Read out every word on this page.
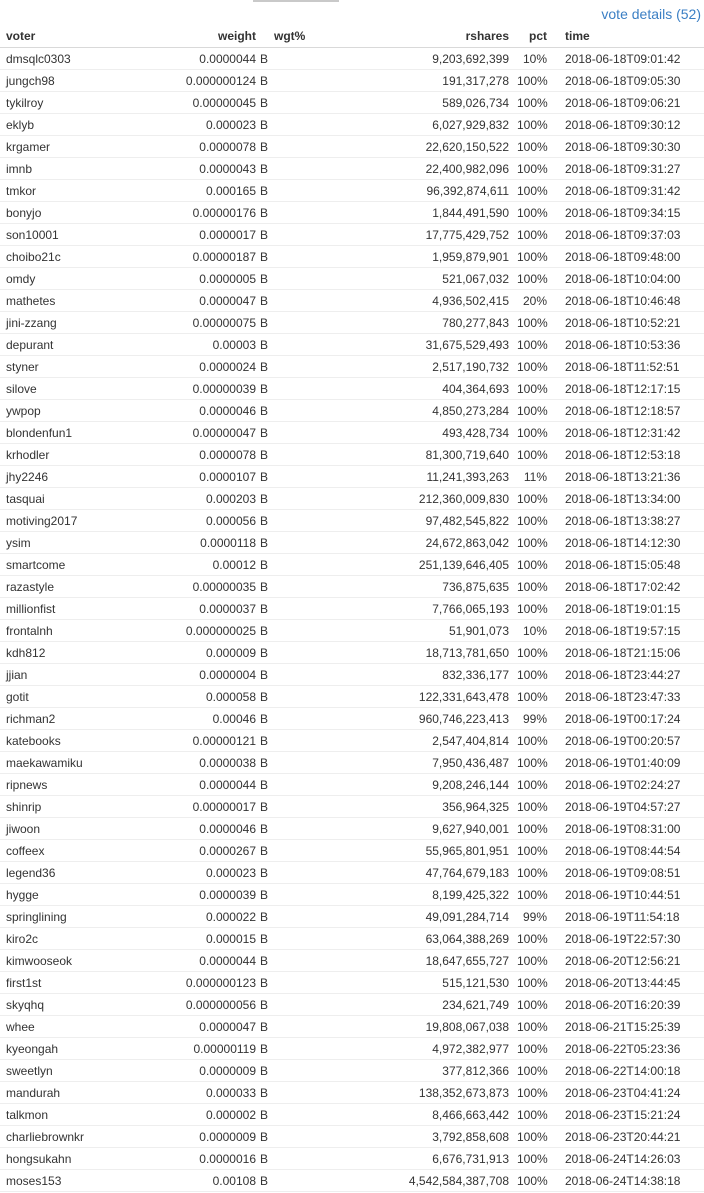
vote details (52)
voter	weight		wgt%	rshares	pct	time
dmsqlc0303	0.0000044	B		9,203,692,399	10%	2018-06-18T09:01:42
jungch98	0.000000124	B		191,317,278	100%	2018-06-18T09:05:30
tykilroy	0.00000045	B		589,026,734	100%	2018-06-18T09:06:21
eklyb	0.000023	B		6,027,929,832	100%	2018-06-18T09:30:12
krgamer	0.0000078	B		22,620,150,522	100%	2018-06-18T09:30:30
imnb	0.0000043	B		22,400,982,096	100%	2018-06-18T09:31:27
tmkor	0.000165	B		96,392,874,611	100%	2018-06-18T09:31:42
bonyjo	0.00000176	B		1,844,491,590	100%	2018-06-18T09:34:15
son10001	0.0000017	B		17,775,429,752	100%	2018-06-18T09:37:03
choibo21c	0.00000187	B		1,959,879,901	100%	2018-06-18T09:48:00
omdy	0.0000005	B		521,067,032	100%	2018-06-18T10:04:00
mathetes	0.0000047	B		4,936,502,415	20%	2018-06-18T10:46:48
jini-zzang	0.00000075	B		780,277,843	100%	2018-06-18T10:52:21
depurant	0.00003	B		31,675,529,493	100%	2018-06-18T10:53:36
styner	0.0000024	B		2,517,190,732	100%	2018-06-18T11:52:51
silove	0.00000039	B		404,364,693	100%	2018-06-18T12:17:15
ywpop	0.0000046	B		4,850,273,284	100%	2018-06-18T12:18:57
blondenfun1	0.00000047	B		493,428,734	100%	2018-06-18T12:31:42
krhodler	0.0000078	B		81,300,719,640	100%	2018-06-18T12:53:18
jhy2246	0.0000107	B		11,241,393,263	11%	2018-06-18T13:21:36
tasquai	0.000203	B		212,360,009,830	100%	2018-06-18T13:34:00
motiving2017	0.000056	B		97,482,545,822	100%	2018-06-18T13:38:27
ysim	0.0000118	B		24,672,863,042	100%	2018-06-18T14:12:30
smartcome	0.00012	B		251,139,646,405	100%	2018-06-18T15:05:48
razastyle	0.00000035	B		736,875,635	100%	2018-06-18T17:02:42
millionfist	0.0000037	B		7,766,065,193	100%	2018-06-18T19:01:15
frontalnh	0.000000025	B		51,901,073	10%	2018-06-18T19:57:15
kdh812	0.000009	B		18,713,781,650	100%	2018-06-18T21:15:06
jjian	0.0000004	B		832,336,177	100%	2018-06-18T23:44:27
gotit	0.000058	B		122,331,643,478	100%	2018-06-18T23:47:33
richman2	0.00046	B		960,746,223,413	99%	2018-06-19T00:17:24
katebooks	0.00000121	B		2,547,404,814	100%	2018-06-19T00:20:57
maekawamiku	0.0000038	B		7,950,436,487	100%	2018-06-19T01:40:09
ripnews	0.0000044	B		9,208,246,144	100%	2018-06-19T02:24:27
shinrip	0.00000017	B		356,964,325	100%	2018-06-19T04:57:27
jiwoon	0.0000046	B		9,627,940,001	100%	2018-06-19T08:31:00
coffeex	0.0000267	B		55,965,801,951	100%	2018-06-19T08:44:54
legend36	0.000023	B		47,764,679,183	100%	2018-06-19T09:08:51
hygge	0.0000039	B		8,199,425,322	100%	2018-06-19T10:44:51
springlining	0.000022	B		49,091,284,714	99%	2018-06-19T11:54:18
kiro2c	0.000015	B		63,064,388,269	100%	2018-06-19T22:57:30
kimwooseok	0.0000044	B		18,647,655,727	100%	2018-06-20T12:56:21
first1st	0.000000123	B		515,121,530	100%	2018-06-20T13:44:45
skyqhq	0.000000056	B		234,621,749	100%	2018-06-20T16:20:39
whee	0.0000047	B		19,808,067,038	100%	2018-06-21T15:25:39
kyeongah	0.00000119	B		4,972,382,977	100%	2018-06-22T05:23:36
sweetlyn	0.0000009	B		377,812,366	100%	2018-06-22T14:00:18
mandurah	0.000033	B		138,352,673,873	100%	2018-06-23T04:41:24
talkmon	0.000002	B		8,466,663,442	100%	2018-06-23T15:21:24
charliebrownkr	0.0000009	B		3,792,858,608	100%	2018-06-23T20:44:21
hongsukahn	0.0000016	B		6,676,731,913	100%	2018-06-24T14:26:03
moses153	0.00108	B		4,542,584,387,708	100%	2018-06-24T14:38:18
